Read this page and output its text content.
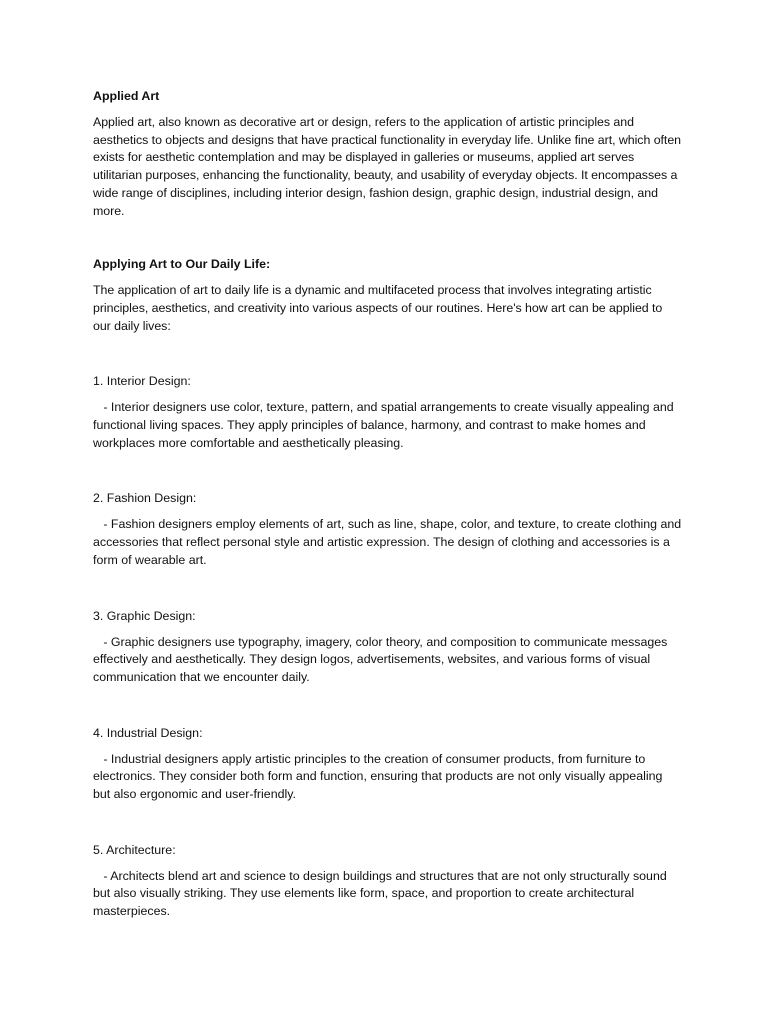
Applied Art

Applied art, also known as decorative art or design, refers to the application of artistic principles and aesthetics to objects and designs that have practical functionality in everyday life. Unlike fine art, which often exists for aesthetic contemplation and may be displayed in galleries or museums, applied art serves utilitarian purposes, enhancing the functionality, beauty, and usability of everyday objects. It encompasses a wide range of disciplines, including interior design, fashion design, graphic design, industrial design, and more.

Applying Art to Our Daily Life:

The application of art to daily life is a dynamic and multifaceted process that involves integrating artistic principles, aesthetics, and creativity into various aspects of our routines. Here's how art can be applied to our daily lives:

1. Interior Design:

- Interior designers use color, texture, pattern, and spatial arrangements to create visually appealing and functional living spaces. They apply principles of balance, harmony, and contrast to make homes and workplaces more comfortable and aesthetically pleasing.

2. Fashion Design:

- Fashion designers employ elements of art, such as line, shape, color, and texture, to create clothing and accessories that reflect personal style and artistic expression. The design of clothing and accessories is a form of wearable art.

3. Graphic Design:

- Graphic designers use typography, imagery, color theory, and composition to communicate messages effectively and aesthetically. They design logos, advertisements, websites, and various forms of visual communication that we encounter daily.

4. Industrial Design:

- Industrial designers apply artistic principles to the creation of consumer products, from furniture to electronics. They consider both form and function, ensuring that products are not only visually appealing but also ergonomic and user-friendly.

5. Architecture:

- Architects blend art and science to design buildings and structures that are not only structurally sound but also visually striking. They use elements like form, space, and proportion to create architectural masterpieces.
